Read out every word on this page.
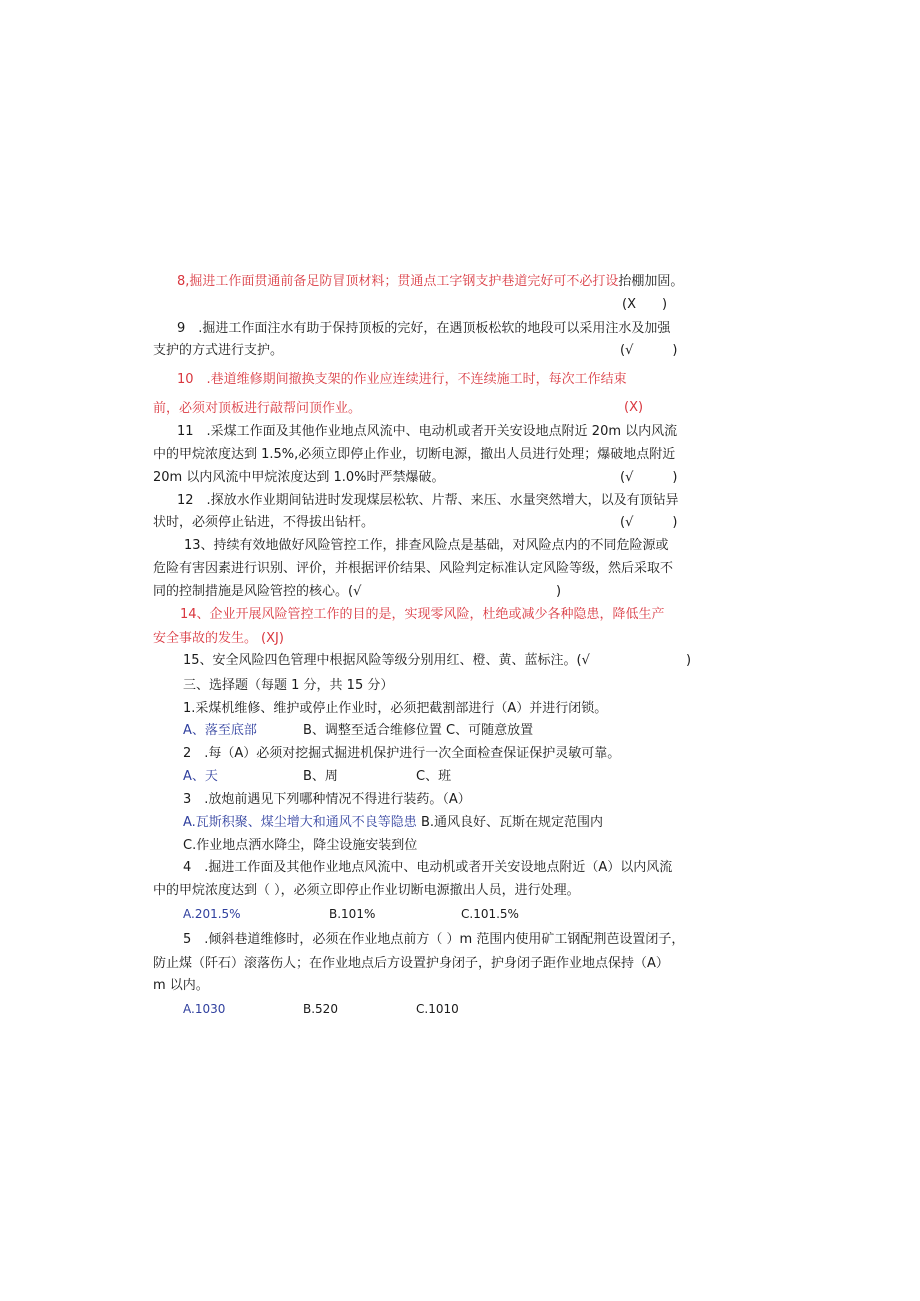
8,掘进工作面贯通前备足防冒顶材料；贯通点工字钢支护巷道完好可不必打设抬棚加固。
(X　　)
9　.掘进工作面注水有助于保持顶板的完好，在遇顶板松软的地段可以采用注水及加强
支护的方式进行支护。	(√　　　)
10　.巷道维修期间撤换支架的作业应连续进行，不连续施工时，每次工作结束
前，必须对顶板进行敲帮问顶作业。	(X)
11　.采煤工作面及其他作业地点风流中、电动机或者开关安设地点附近 20m 以内风流
中的甲烷浓度达到 1.5%,必须立即停止作业，切断电源，撤出人员进行处理；爆破地点附近
20m 以内风流中甲烷浓度达到 1.0%时严禁爆破。	(√　　　)
12　.探放水作业期间钻进时发现煤层松软、片帮、来压、水量突然增大，以及有顶钻异
状时，必须停止钻进，不得拔出钻杆。	(√　　　)
13、持续有效地做好风险管控工作，排查风险点是基础，对风险点内的不同危险源或
危险有害因素进行识别、评价，并根据评价结果、风险判定标准认定风险等级，然后采取不
同的控制措施是风险管控的核心。(√	)
14、企业开展风险管控工作的目的是，实现零风险，杜绝或减少各种隐患，降低生产
安全事故的发生。 (XJ)
15、安全风险四色管理中根据风险等级分别用红、橙、黄、蓝标注。(√	)
三、选择题（每题 1 分，共 15 分）
1.采煤机维修、维护或停止作业时，必须把截割部进行（A）并进行闭锁。
A、落至底部	B、调整至适合维修位置 C、可随意放置
2　.每（A）必须对挖掘式掘进机保护进行一次全面检查保证保护灵敏可靠。
A、天	B、周	C、班
3　.放炮前遇见下列哪种情况不得进行装药。（A）
A.瓦斯积聚、煤尘增大和通风不良等隐患 B.通风良好、瓦斯在规定范围内
C.作业地点洒水降尘，降尘设施安装到位
4　.掘进工作面及其他作业地点风流中、电动机或者开关安设地点附近（A）以内风流
中的甲烷浓度达到（ ），必须立即停止作业切断电源撤出人员，进行处理。
A.201.5%	B.101%	C.101.5%
5　.倾斜巷道维修时，必须在作业地点前方（ ）m 范围内使用矿工钢配荆芭设置闭子，
防止煤（阡石）滚落伤人；在作业地点后方设置护身闭子，护身闭子距作业地点保持（A）
m 以内。
A.1030	B.520	C.1010
